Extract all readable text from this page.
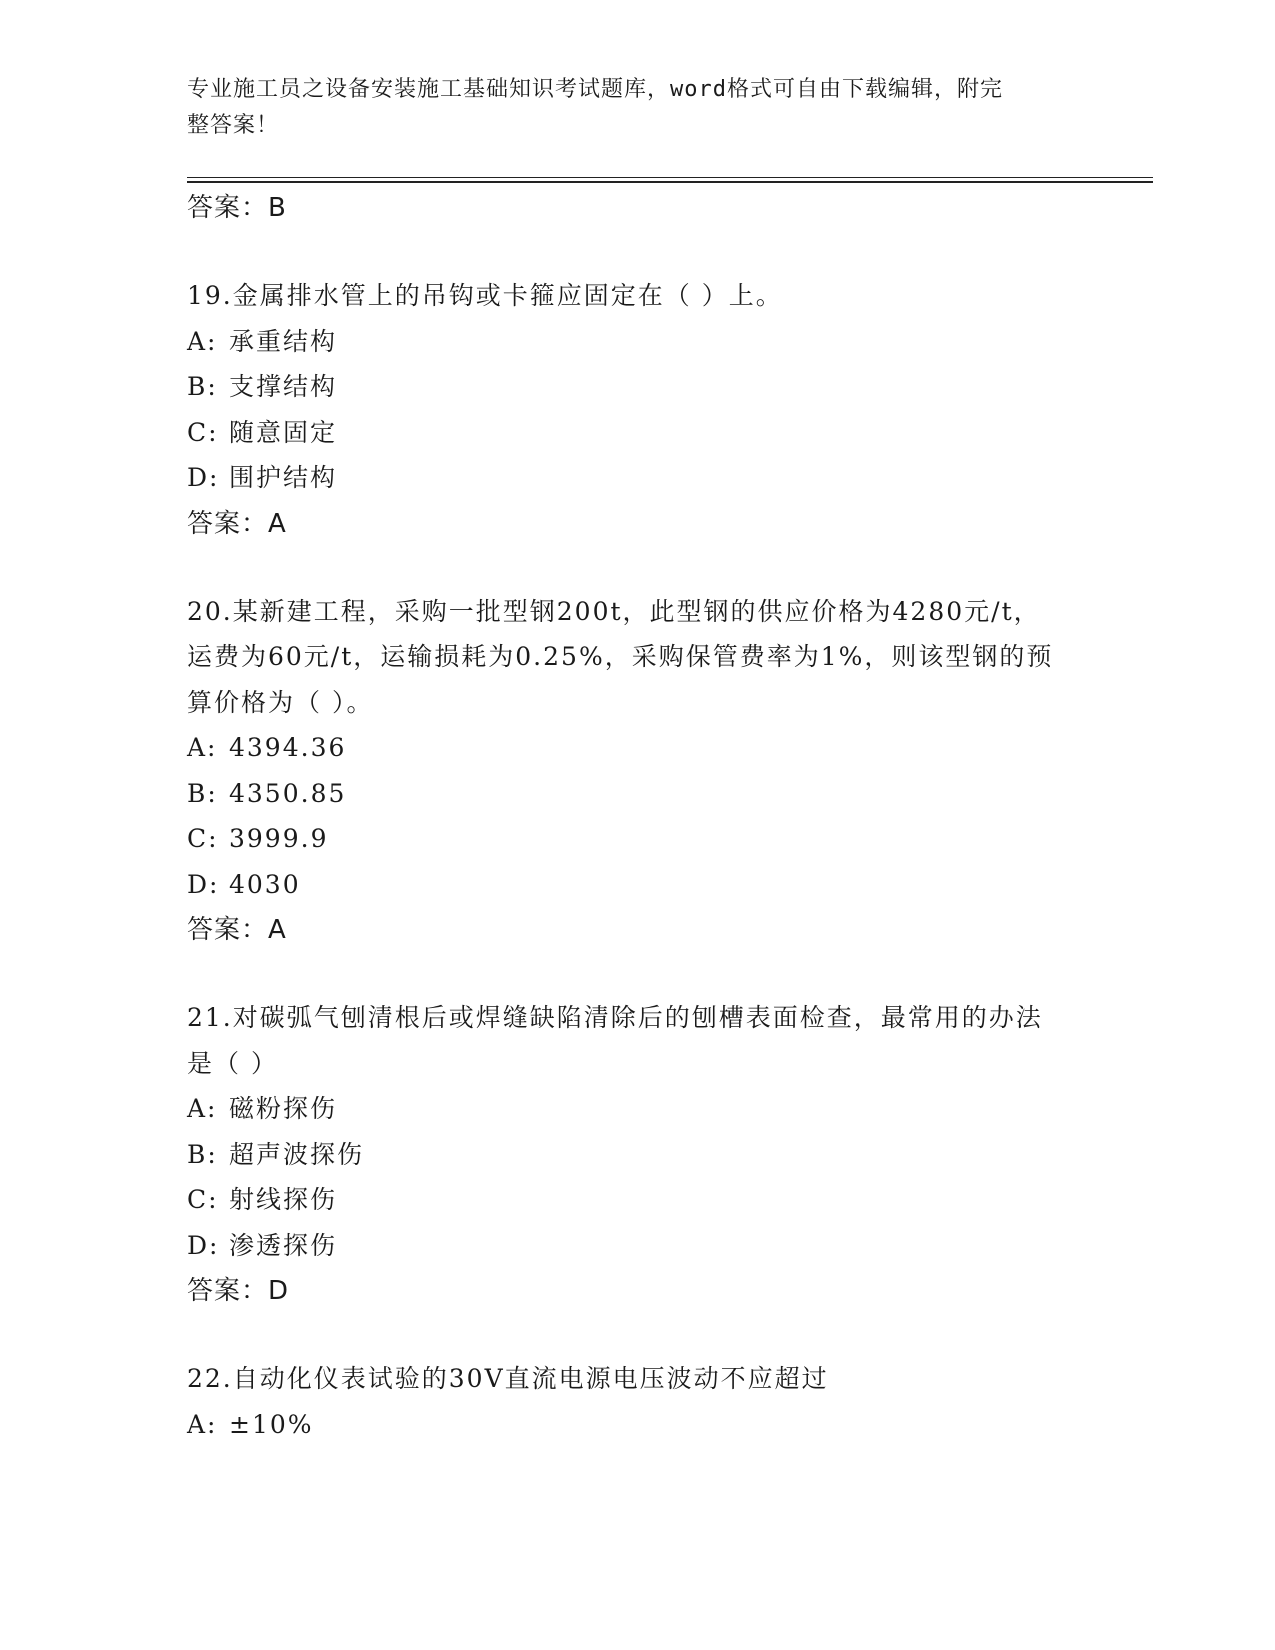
专业施工员之设备安装施工基础知识考试题库，word格式可自由下载编辑，附完
整答案！
答案：B
19.金属排水管上的吊钩或卡箍应固定在（ ）上。
A: 承重结构
B: 支撑结构
C: 随意固定
D: 围护结构
答案：A
20.某新建工程，采购一批型钢200t，此型钢的供应价格为4280元/t，运费为60元/t，运输损耗为0.25%，采购保管费率为1%，则该型钢的预算价格为（ ）。
A: 4394.36
B: 4350.85
C: 3999.9
D: 4030
答案：A
21.对碳弧气刨清根后或焊缝缺陷清除后的刨槽表面检查，最常用的办法是（ ）
A: 磁粉探伤
B: 超声波探伤
C: 射线探伤
D: 渗透探伤
答案：D
22.自动化仪表试验的30V直流电源电压波动不应超过
A: ±10%
